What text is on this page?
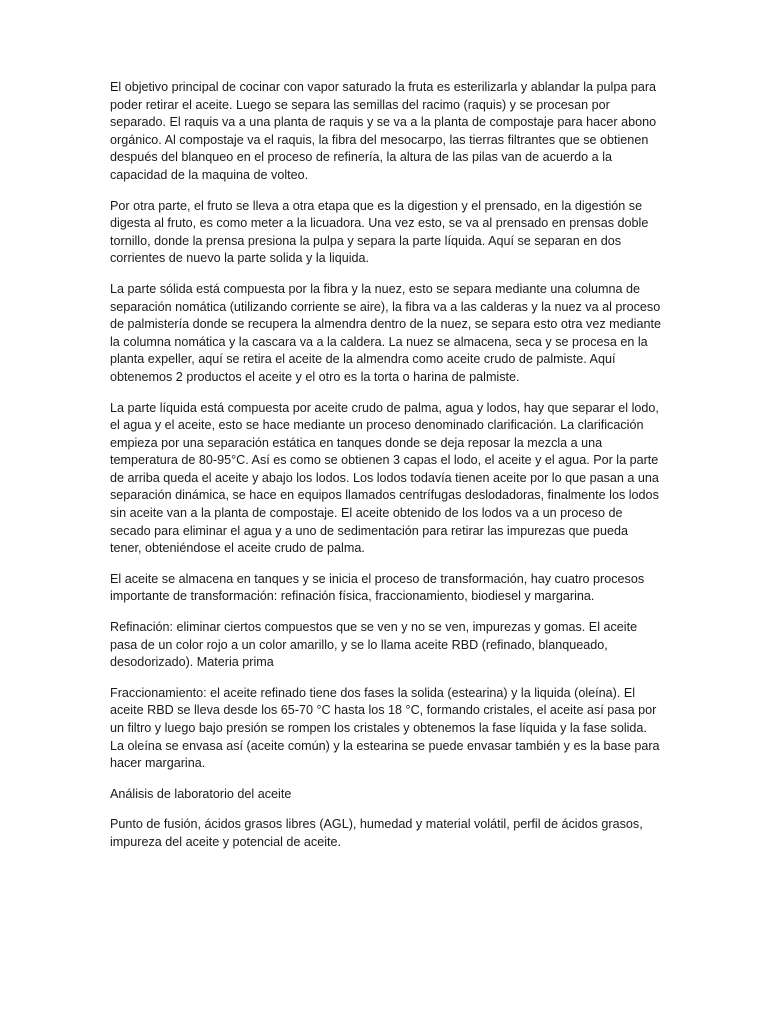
El objetivo principal de cocinar con vapor saturado la fruta es esterilizarla y ablandar la pulpa para poder retirar el aceite. Luego se separa las semillas del racimo (raquis) y se procesan por separado. El raquis va a una planta de raquis y se va a la planta de compostaje para hacer abono orgánico. Al compostaje va el raquis, la fibra del mesocarpo, las tierras filtrantes que se obtienen después del blanqueo en el proceso de refinería, la altura de las pilas van de acuerdo a la capacidad de la maquina de volteo.

Por otra parte, el fruto se lleva a otra etapa que es la digestion y el prensado, en la digestión se digesta al fruto, es como meter a la licuadora. Una vez esto, se va al prensado en prensas doble tornillo, donde la prensa presiona la pulpa y separa la parte líquida. Aquí se separan en dos corrientes de nuevo la parte solida y la liquida.

La parte sólida está compuesta por la fibra y la nuez, esto se separa mediante una columna de separación nomática (utilizando corriente se aire), la fibra va a las calderas y la nuez va al proceso de palmistería donde se recupera la almendra dentro de la nuez, se separa esto otra vez mediante la columna nomática y la cascara va a la caldera. La nuez se almacena, seca y se procesa en la planta expeller, aquí se retira el aceite de la almendra como aceite crudo de palmiste. Aquí obtenemos 2 productos el aceite y el otro es la torta o harina de palmiste.

La parte líquida está compuesta por aceite crudo de palma, agua y lodos, hay que separar el lodo, el agua y el aceite, esto se hace mediante un proceso denominado clarificación. La clarificación empieza por una separación estática en tanques donde se deja reposar la mezcla a una temperatura de 80-95°C. Así es como se obtienen 3 capas el lodo, el aceite y el agua. Por la parte de arriba queda el aceite y abajo los lodos. Los lodos todavía tienen aceite por lo que pasan a una separación dinámica, se hace en equipos llamados centrífugas deslodadoras, finalmente los lodos sin aceite van a la planta de compostaje. El aceite obtenido de los lodos va a un proceso de secado para eliminar el agua y a uno de sedimentación para retirar las impurezas que pueda tener, obteniéndose el aceite crudo de palma.

El aceite se almacena en tanques y se inicia el proceso de transformación, hay cuatro procesos importante de transformación: refinación física, fraccionamiento, biodiesel y margarina.

Refinación: eliminar ciertos compuestos que se ven y no se ven, impurezas y gomas. El aceite pasa de un color rojo a un color amarillo, y se lo llama aceite RBD (refinado, blanqueado, desodorizado). Materia prima

Fraccionamiento: el aceite refinado tiene dos fases la solida (estearina) y la liquida (oleína). El aceite RBD se lleva desde los 65-70 °C hasta los 18 °C, formando cristales, el aceite así pasa por un filtro y luego bajo presión se rompen los cristales y obtenemos la fase líquida y la fase solida. La oleína se envasa así (aceite común) y la estearina se puede envasar también y es la base para hacer margarina.

Análisis de laboratorio del aceite

Punto de fusión, ácidos grasos libres (AGL), humedad y material volátil, perfil de ácidos grasos, impureza del aceite y potencial de aceite.
